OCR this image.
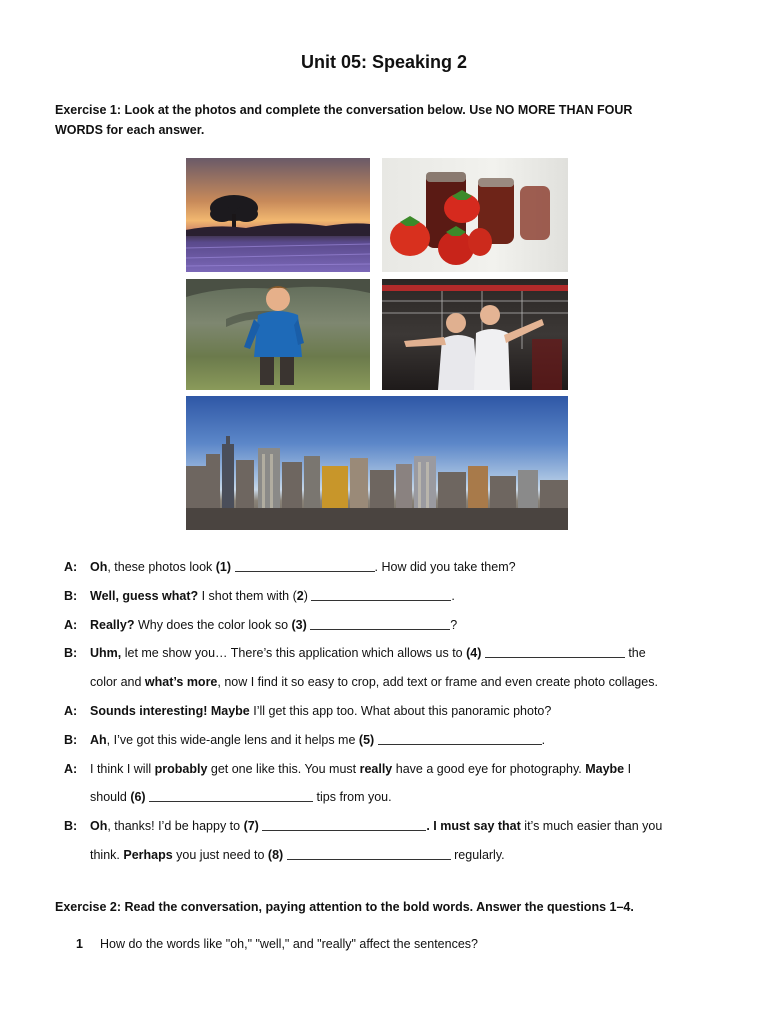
Unit 05: Speaking 2
Exercise 1: Look at the photos and complete the conversation below. Use NO MORE THAN FOUR WORDS for each answer.
A: Oh, these photos look (1)	. How did you take them?
B: Well, guess what? I shot them with (2)	.
A: Really? Why does the color look so (3)	?
B: Uhm, let me show you… There’s this application which allows us to (4)	the
color and what’s more, now I find it so easy to crop, add text or frame and even create photo collages.
A: Sounds interesting! Maybe I’ll get this app too. What about this panoramic photo?
B: Ah, I’ve got this wide-angle lens and it helps me (5)	.
A: I think I will probably get one like this. You must really have a good eye for photography. Maybe I
should (6)	tips from you.
B: Oh, thanks! I’d be happy to (7)	. I must say that it’s much easier than you
think. Perhaps you just need to (8)	regularly.
Exercise 2: Read the conversation, paying attention to the bold words. Answer the questions 1–4.
1 How do the words like "oh," "well," and "really" affect the sentences?
